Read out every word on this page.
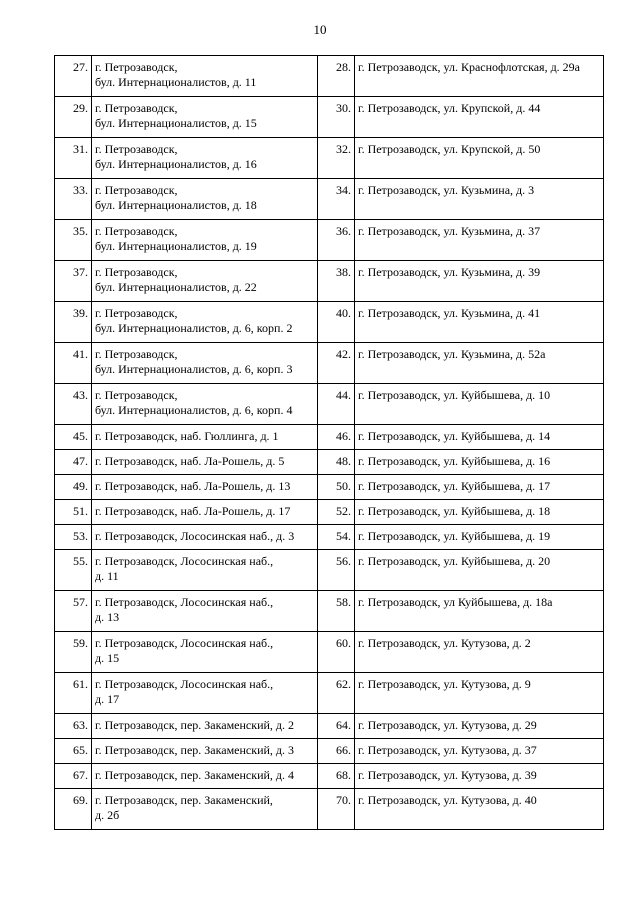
10
27.	г. Петрозаводск,
бул. Интернационалистов, д. 11	28.	г. Петрозаводск, ул. Краснофлотская, д. 29а

29.	г. Петрозаводск,
бул. Интернационалистов, д. 15	30.	г. Петрозаводск, ул. Крупской, д. 44

31.	г. Петрозаводск,
бул. Интернационалистов, д. 16	32.	г. Петрозаводск, ул. Крупской, д. 50

33.	г. Петрозаводск,
бул. Интернационалистов, д. 18	34.	г. Петрозаводск, ул. Кузьмина, д. 3

35.	г. Петрозаводск,
бул. Интернационалистов, д. 19	36.	г. Петрозаводск, ул. Кузьмина, д. 37

37.	г. Петрозаводск,
бул. Интернационалистов, д. 22	38.	г. Петрозаводск, ул. Кузьмина, д. 39

39.	г. Петрозаводск,
бул. Интернационалистов, д. 6, корп. 2	40.	г. Петрозаводск, ул. Кузьмина, д. 41

41.	г. Петрозаводск,
бул. Интернационалистов, д. 6, корп. 3	42.	г. Петрозаводск, ул. Кузьмина, д. 52а

43.	г. Петрозаводск,
бул. Интернационалистов, д. 6, корп. 4	44.	г. Петрозаводск, ул. Куйбышева, д. 10

45.	г. Петрозаводск, наб. Гюллинга, д. 1	46.	г. Петрозаводск, ул. Куйбышева, д. 14

47.	г. Петрозаводск, наб. Ла-Рошель, д. 5	48.	г. Петрозаводск, ул. Куйбышева, д. 16

49.	г. Петрозаводск, наб. Ла-Рошель, д. 13	50.	г. Петрозаводск, ул. Куйбышева, д. 17

51.	г. Петрозаводск, наб. Ла-Рошель, д. 17	52.	г. Петрозаводск, ул. Куйбышева, д. 18

53.	г. Петрозаводск, Лососинская наб., д. 3	54.	г. Петрозаводск, ул. Куйбышева, д. 19

55.	г. Петрозаводск, Лососинская наб.,
д. 11	56.	г. Петрозаводск, ул. Куйбышева, д. 20

57.	г. Петрозаводск, Лососинская наб.,
д. 13	58.	г. Петрозаводск, ул Куйбышева, д. 18а

59.	г. Петрозаводск, Лососинская наб.,
д. 15	60.	г. Петрозаводск, ул. Кутузова, д. 2

61.	г. Петрозаводск, Лососинская наб.,
д. 17	62.	г. Петрозаводск, ул. Кутузова, д. 9

63.	г. Петрозаводск, пер. Закаменский, д. 2	64.	г. Петрозаводск, ул. Кутузова, д. 29

65.	г. Петрозаводск, пер. Закаменский, д. 3	66.	г. Петрозаводск, ул. Кутузова, д. 37

67.	г. Петрозаводск, пер. Закаменский, д. 4	68.	г. Петрозаводск, ул. Кутузова, д. 39

69.	г. Петрозаводск, пер. Закаменский,
д. 2б	70.	г. Петрозаводск, ул. Кутузова, д. 40
